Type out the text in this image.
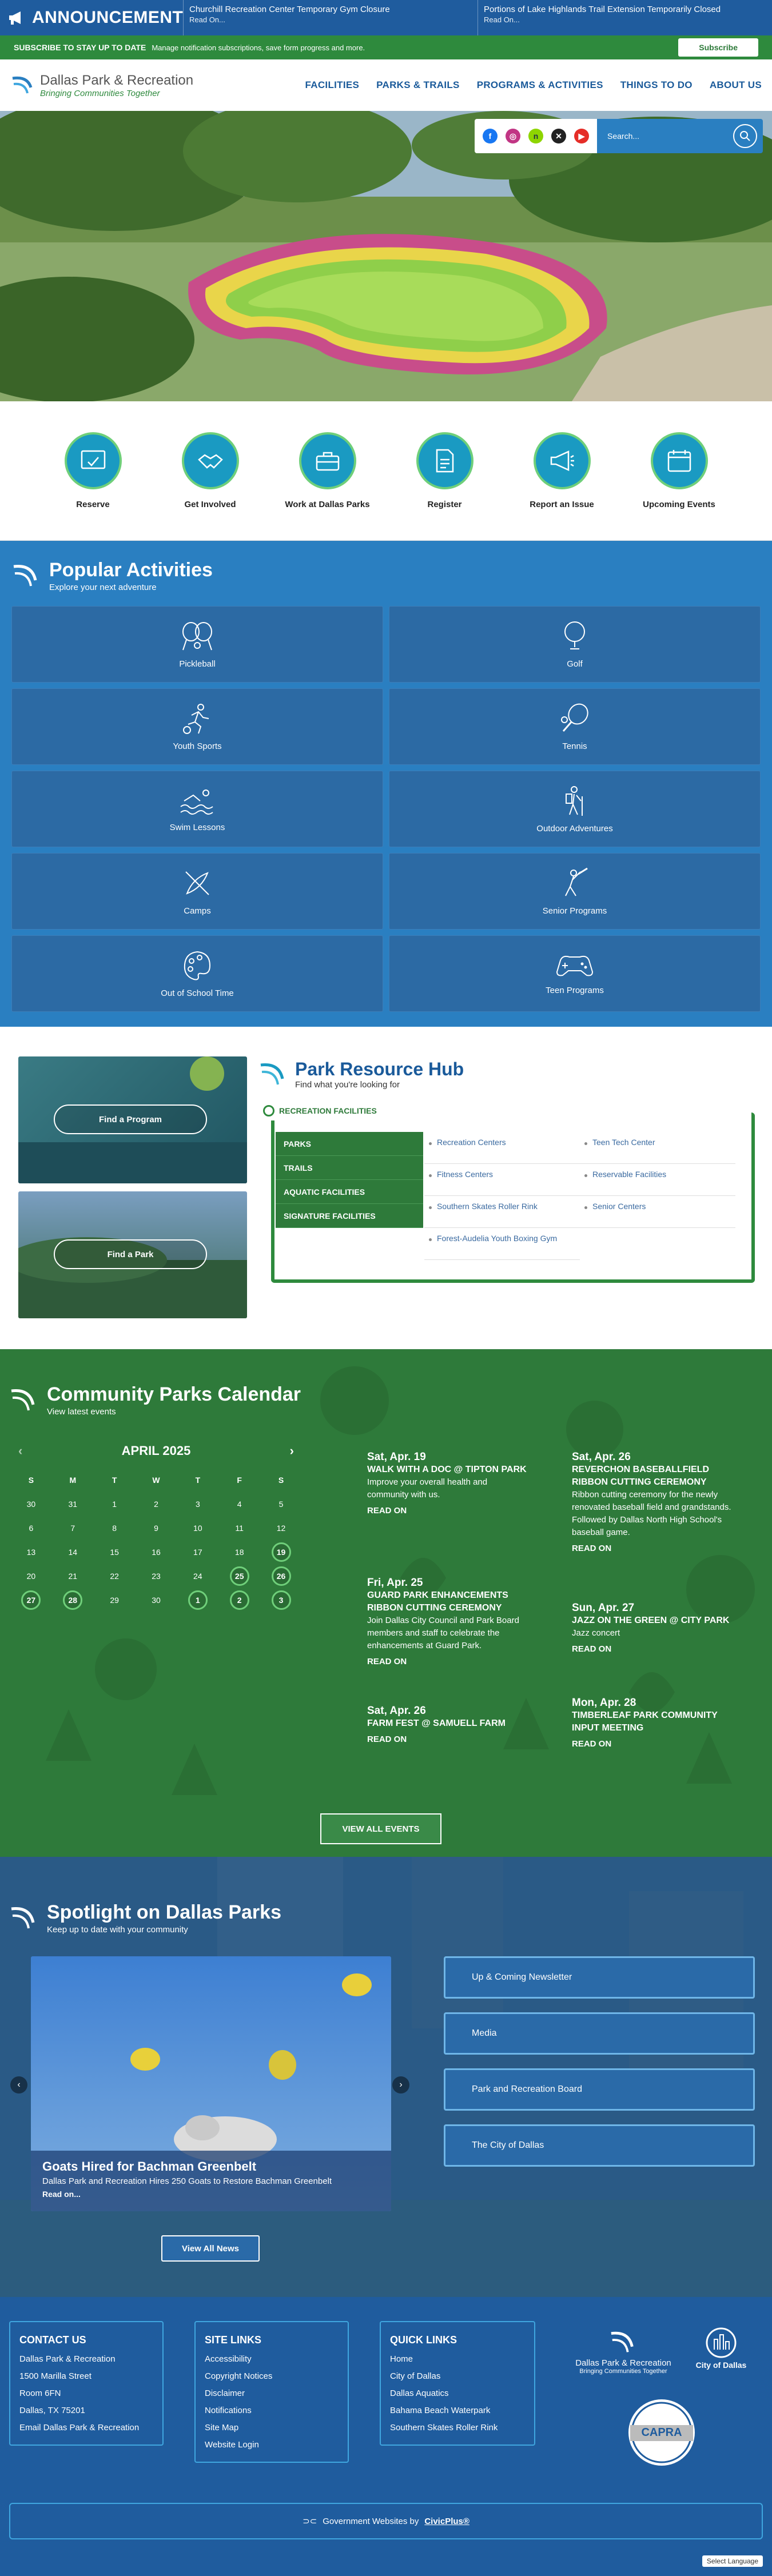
ANNOUNCEMENT Churchill Recreation Center Temporary Gym Closure
Read On...
Portions of Lake Highlands Trail Extension Temporarily Closed
Read On...
SUBSCRIBE TO STAY UP TO DATE Manage notification subscriptions, save form progress and more.	Subscribe
Dallas Park & Recreation
Bringing Communities Together
FACILITIES PARKS & TRAILS PROGRAMS & ACTIVITIES THINGS TO DO ABOUT US
f	◎	n	✕	▶	Search...
Reserve	Get Involved	Work at Dallas Parks	Register	Report an Issue	Upcoming Events
Popular Activities
Explore your next adventure
Pickleball	Golf
Youth Sports	Tennis
Swim Lessons	Outdoor Adventures
Camps	Senior Programs
Out of School Time	Teen Programs
Find a Program
Find a Park
Park Resource Hub
Find what you're looking for
RECREATION FACILITIES
PARKS
TRAILS
AQUATIC FACILITIES
SIGNATURE FACILITIES
Recreation Centers	Teen Tech Center
Fitness Centers	Reservable Facilities
Southern Skates Roller Rink	Senior Centers
Forest-Audelia Youth Boxing Gym
Community Parks Calendar
View latest events
‹	APRIL 2025	›
S	M	T	W	T	F	S
30	31	1	2	3	4	5
6	7	8	9	10	11	12
13	14	15	16	17	18	19
20	21	22	23	24	25	26
27	28	29	30	1	2	3
Sat, Apr. 19
WALK WITH A DOC @ TIPTON PARK
Improve your overall health and community with us.
READ ON
Sat, Apr. 26
REVERCHON BASEBALLFIELD RIBBON CUTTING CEREMONY
Ribbon cutting ceremony for the newly renovated baseball field and grandstands. Followed by Dallas North High School's baseball game.
READ ON
Fri, Apr. 25
GUARD PARK ENHANCEMENTS RIBBON CUTTING CEREMONY
Join Dallas City Council and Park Board members and staff to celebrate the enhancements at Guard Park.
READ ON
Sun, Apr. 27
JAZZ ON THE GREEN @ CITY PARK
Jazz concert
READ ON
Sat, Apr. 26
FARM FEST @ SAMUELL FARM
READ ON
Mon, Apr. 28
TIMBERLEAF PARK COMMUNITY INPUT MEETING
READ ON
VIEW ALL EVENTS
Spotlight on Dallas Parks
Keep up to date with your community
Goats Hired for Bachman Greenbelt
Dallas Park and Recreation Hires 250 Goats to Restore Bachman Greenbelt
Read on...
‹	›
View All News
Up & Coming Newsletter
Media
Park and Recreation Board
The City of Dallas
CONTACT US
Dallas Park & Recreation
1500 Marilla Street
Room 6FN
Dallas, TX 75201
Email Dallas Park & Recreation
SITE LINKS
Accessibility
Copyright Notices
Disclaimer
Notifications
Site Map
Website Login
QUICK LINKS
Home
City of Dallas
Dallas Aquatics
Bahama Beach Waterpark
Southern Skates Roller Rink
Dallas Park & Recreation
Bringing Communities Together
City of Dallas
CAPRA
⊃⊂ Government Websites by CivicPlus®
Select Language
